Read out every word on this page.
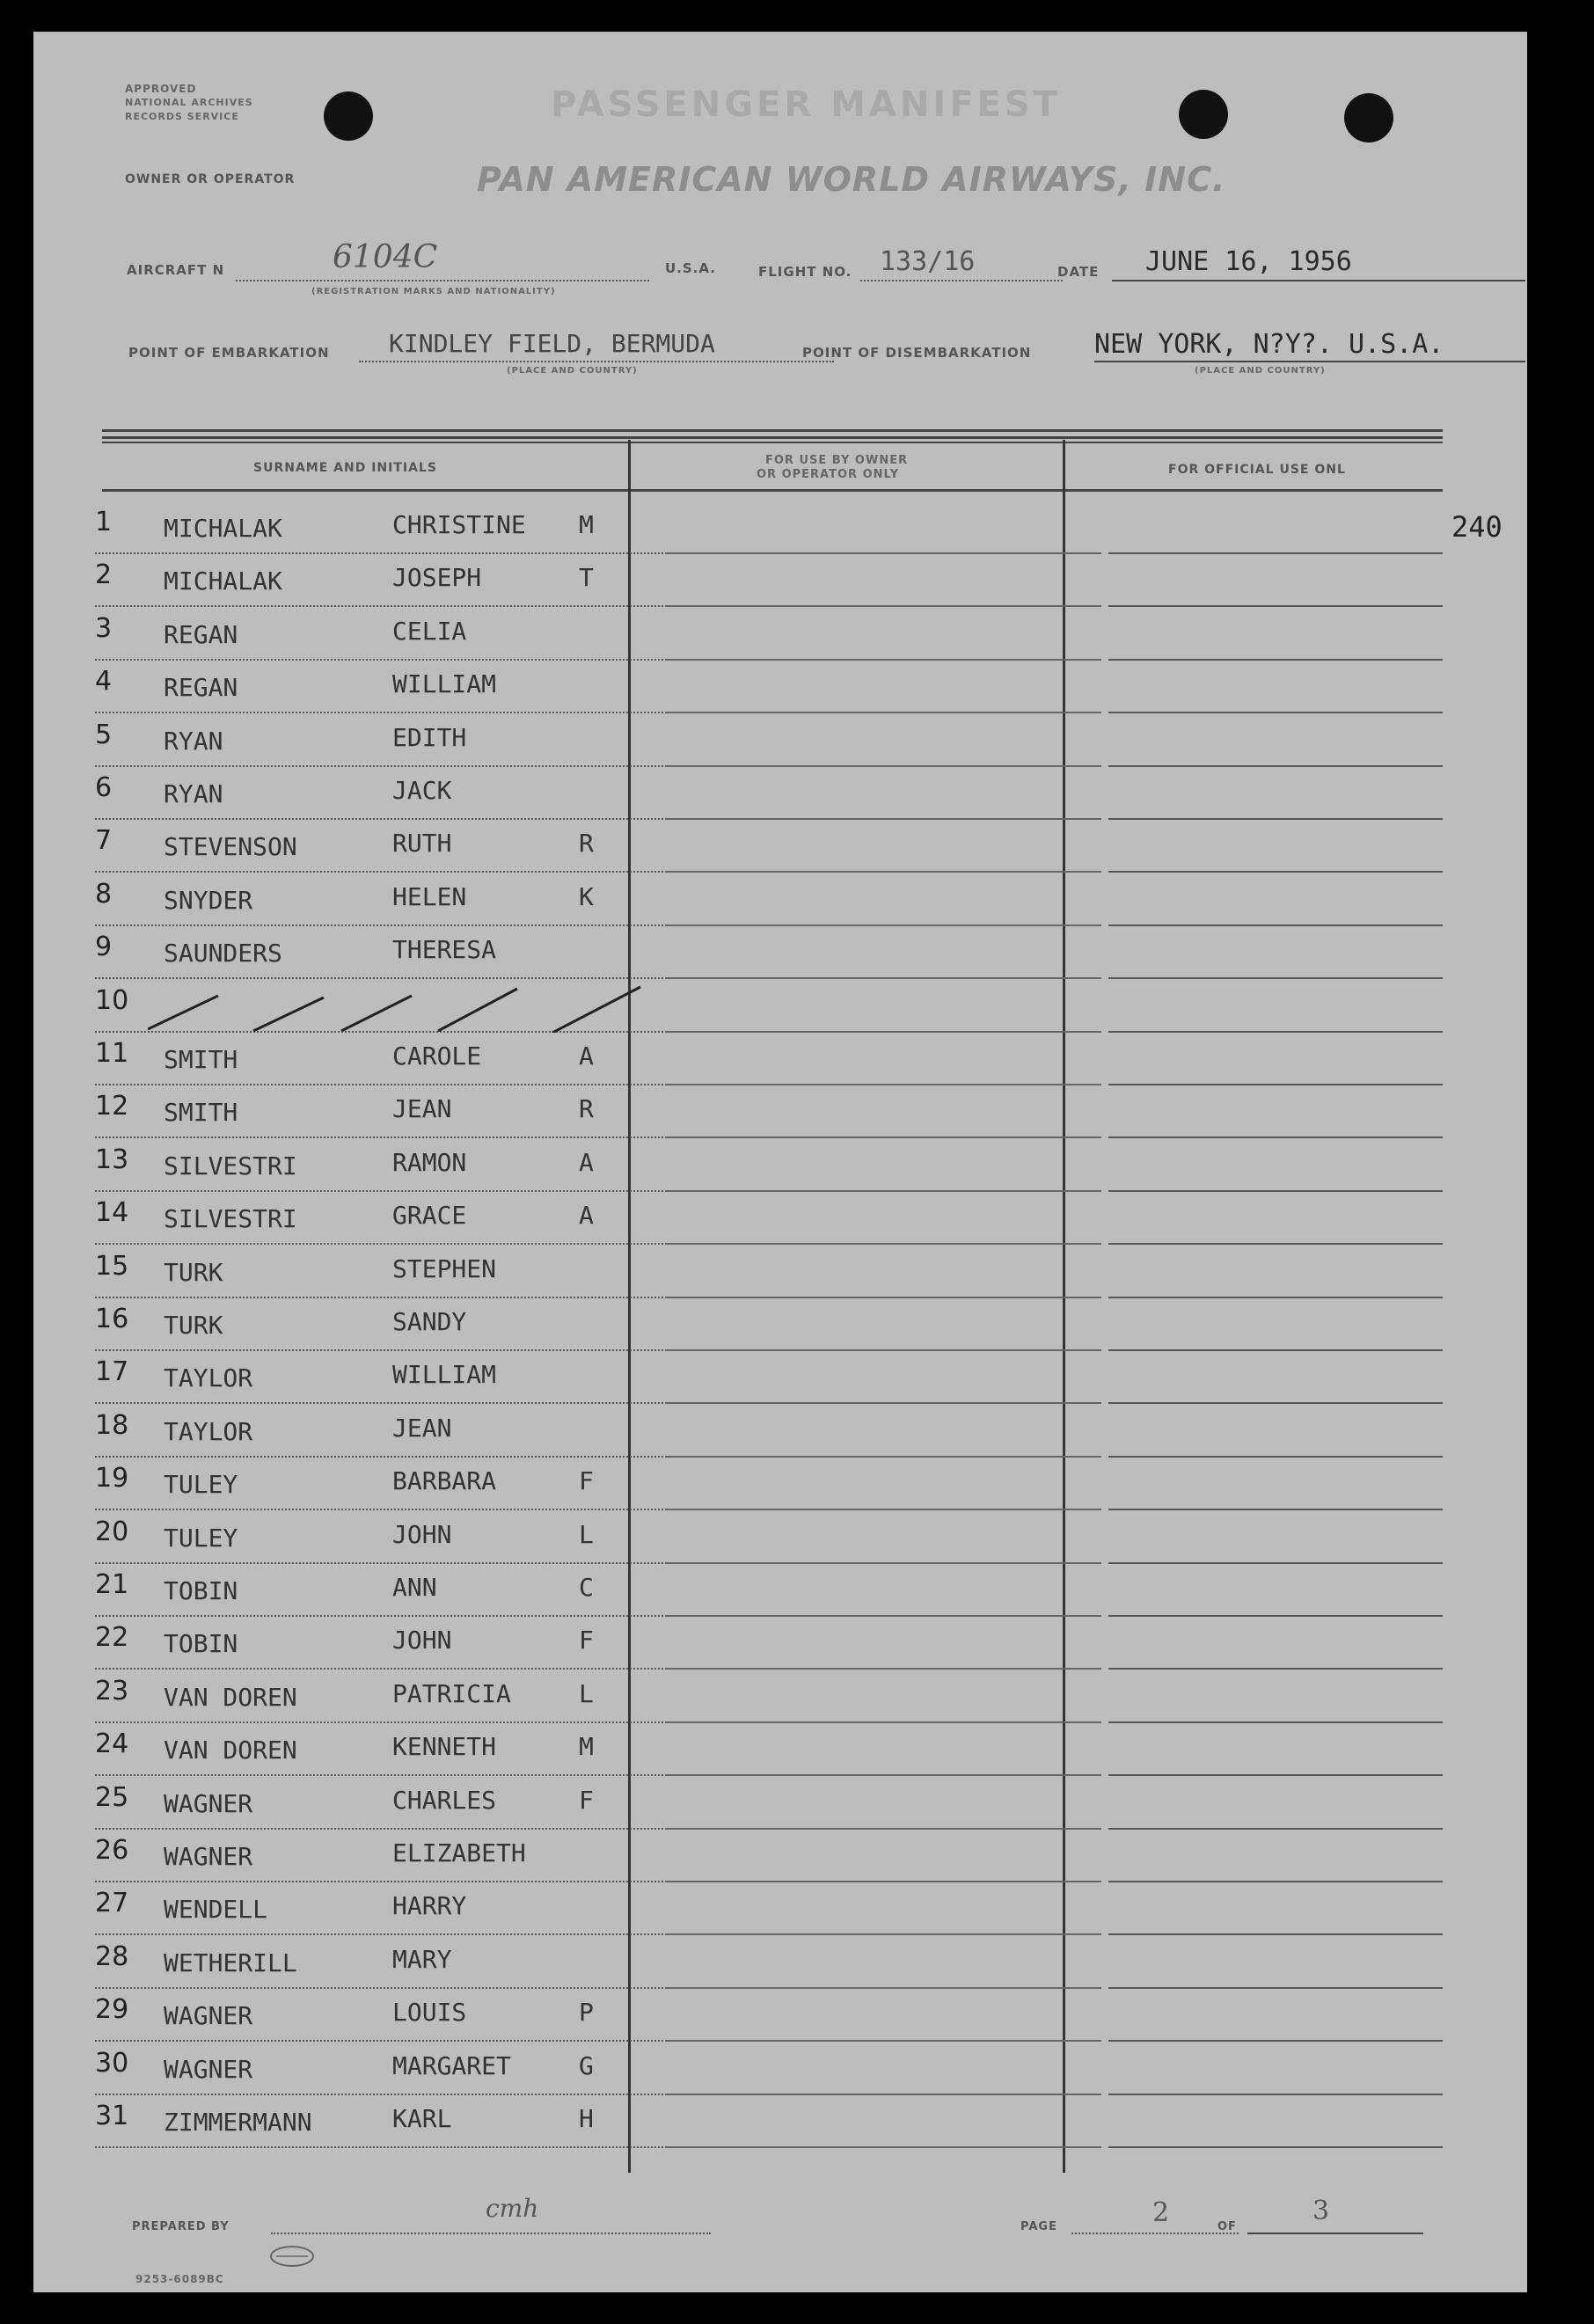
APPROVED
NATIONAL ARCHIVES
RECORDS SERVICE	PASSENGER MANIFEST
OWNER OR OPERATOR	PAN AMERICAN WORLD AIRWAYS, INC.
AIRCRAFT N	6104C
(REGISTRATION MARKS AND NATIONALITY)
U.S.A.	FLIGHT NO. 133/16	DATE JUNE 16, 1956
POINT OF EMBARKATION KINDLEY FIELD, BERMUDA
(PLACE AND COUNTRY)
POINT OF DISEMBARKATION NEW YORK, N?Y?. U.S.A.
(PLACE AND COUNTRY)
SURNAME AND INITIALS
FOR USE BY OWNER
OR OPERATOR ONLY	FOR OFFICIAL USE ONL
240
1 MICHALAK	CHRISTINE M
2 MICHALAK	JOSEPH	T
3 REGAN	CELIA
4 REGAN	WILLIAM
5 RYAN	EDITH
6 RYAN	JACK
7 STEVENSON	RUTH	R
8 SNYDER	HELEN	K
9 SAUNDERS	THERESA
10
11 SMITH	CAROLE	A
12 SMITH	JEAN	R
13 SILVESTRI	RAMON	A
14 SILVESTRI	GRACE	A
15 TURK	STEPHEN
16 TURK	SANDY
17 TAYLOR	WILLIAM
18 TAYLOR	JEAN
19 TULEY	BARBARA	F
20 TULEY	JOHN	L
21 TOBIN	ANN	C
22 TOBIN	JOHN	F
23 VAN DOREN	PATRICIA	L
24 VAN DOREN	KENNETH	M
25 WAGNER	CHARLES	F
26 WAGNER	ELIZABETH
27 WENDELL	HARRY
28 WETHERILL	MARY
29 WAGNER	LOUIS	P
30 WAGNER	MARGARET	G
31 ZIMMERMANN	KARL	H
PREPARED BY
cmh
PAGE	2	OF
3
9253-6089BC
